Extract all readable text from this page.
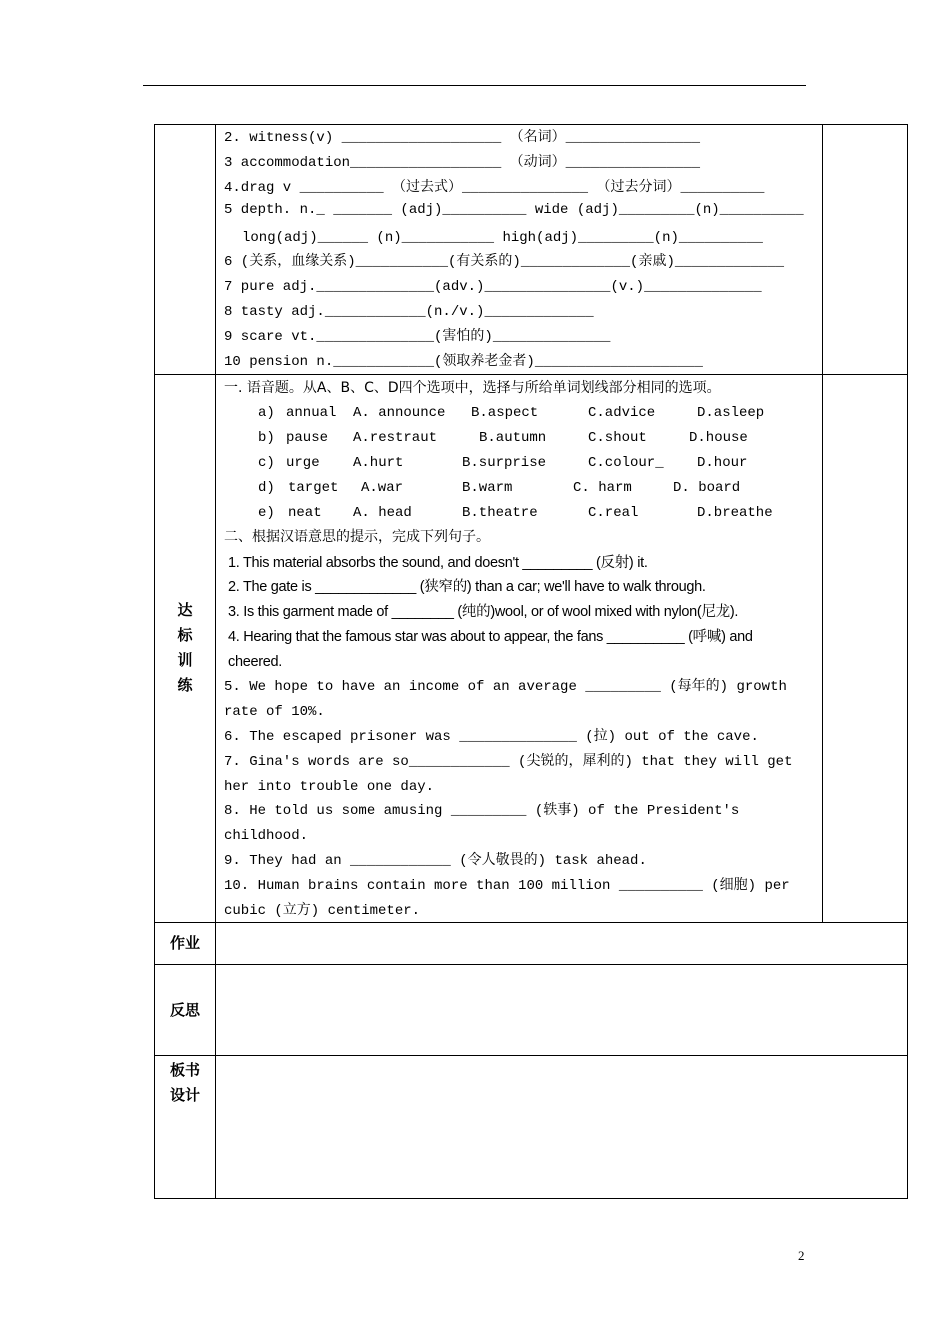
2. witness(v) ___________________ （名词）________________
3 accommodation__________________ （动词）________________
4.drag v __________ （过去式）_______________ （过去分词）__________
5 depth. n._ _______ (adj)__________ wide (adj)_________(n)__________
long(adj)______ (n)___________ high(adj)_________(n)__________
6 (关系，血缘关系)___________(有关系的)_____________(亲戚)_____________
7 pure adj.______________(adv.)_______________(v.)______________
8 tasty adj.____________(n./v.)_____________
9 scare vt.______________(害怕的)______________
10 pension n.____________(领取养老金者)____________________
一. 语音题。从A、B、C、D四个选项中，选择与所给单词划线部分相同的选项。
a) annual A. announce B.aspect	C.advice	D.asleep
b) pause A.restraut	B.autumn	C.shout	D.house
c) urge A.hurt	B.surprise	C.colour_ D.hour
d) target A.war	B.warm	C. harm	D. board
e) neat A. head	B.theatre	C.real	D.breathe
二、根据汉语意思的提示，完成下列句子。
1. This material absorbs the sound, and doesn't _________ (反射) it.
2. The gate is _____________ (狭窄的) than a car; we'll have to walk through.
3. Is this garment made of ________ (纯的)wool, or of wool mixed with nylon(尼龙).
4. Hearing that the famous star was about to appear, the fans __________ (呼喊) and
cheered.
5. We hope to have an income of an average _________ (每年的) growth
rate of 10%.
6. The escaped prisoner was ______________ (拉) out of the cave.
7. Gina's words are so____________ (尖锐的，犀利的) that they will get
her into trouble one day.
8. He told us some amusing _________ (轶事) of the President's
childhood.
9. They had an ____________ (令人敬畏的) task ahead.
10. Human brains contain more than 100 million __________ (细胞) per
cubic (立方) centimeter.
达
标
训
练
作业
反思
板书
设计
2
